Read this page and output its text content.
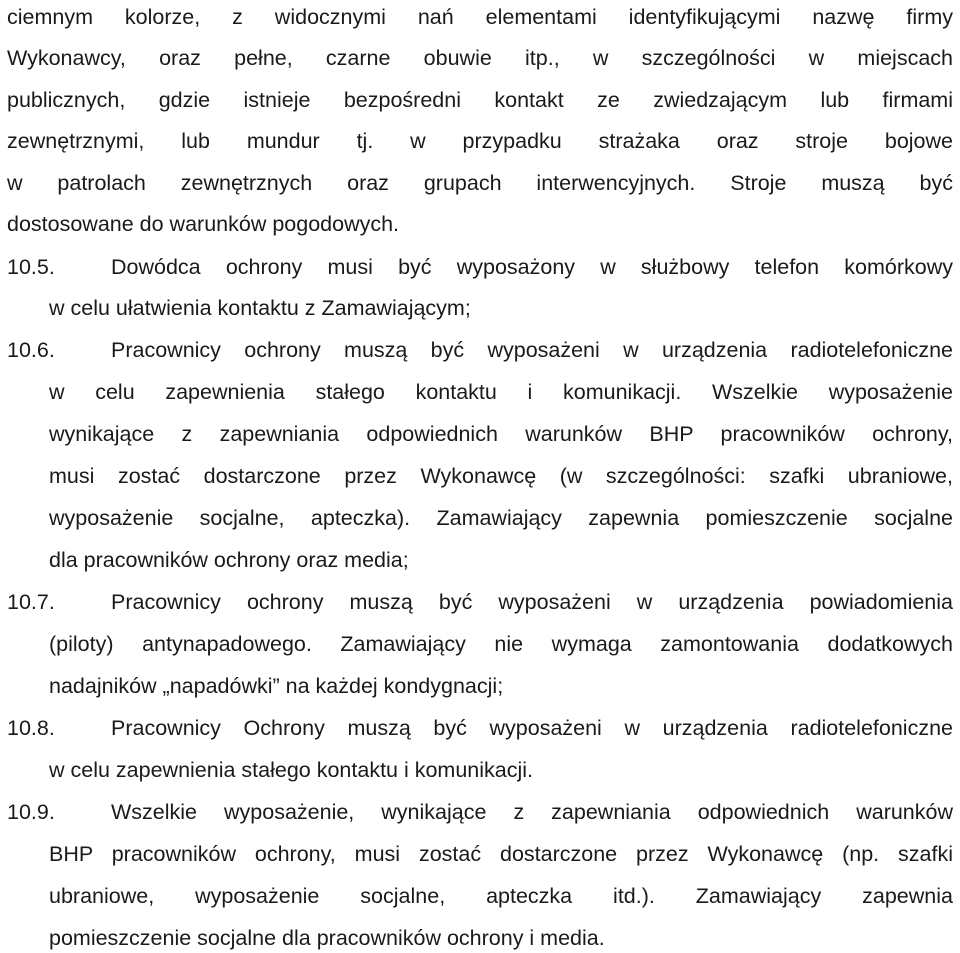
ciemnym kolorze, z widocznymi nań elementami identyfikującymi nazwę firmy
Wykonawcy, oraz pełne, czarne obuwie itp., w szczególności w miejscach
publicznych, gdzie istnieje bezpośredni kontakt ze zwiedzającym lub firmami
zewnętrznymi, lub mundur tj. w przypadku strażaka oraz stroje bojowe
w patrolach zewnętrznych oraz grupach interwencyjnych. Stroje muszą być
dostosowane do warunków pogodowych.
10.5.	Dowódca ochrony musi być wyposażony w służbowy telefon komórkowy
w celu ułatwienia kontaktu z Zamawiającym;
10.6.	Pracownicy ochrony muszą być wyposażeni w urządzenia radiotelefoniczne
w celu zapewnienia stałego kontaktu i komunikacji. Wszelkie wyposażenie
wynikające z zapewniania odpowiednich warunków BHP pracowników ochrony,
musi zostać dostarczone przez Wykonawcę (w szczególności: szafki ubraniowe,
wyposażenie socjalne, apteczka). Zamawiający zapewnia pomieszczenie socjalne
dla pracowników ochrony oraz media;
10.7.	Pracownicy ochrony muszą być wyposażeni w urządzenia powiadomienia
(piloty) antynapadowego. Zamawiający nie wymaga zamontowania dodatkowych
nadajników „napadówki” na każdej kondygnacji;
10.8.	Pracownicy Ochrony muszą być wyposażeni w urządzenia radiotelefoniczne
w celu zapewnienia stałego kontaktu i komunikacji.
10.9.	Wszelkie wyposażenie, wynikające z zapewniania odpowiednich warunków
BHP pracowników ochrony, musi zostać dostarczone przez Wykonawcę (np. szafki
ubraniowe, wyposażenie socjalne, apteczka itd.). Zamawiający zapewnia
pomieszczenie socjalne dla pracowników ochrony i media.
